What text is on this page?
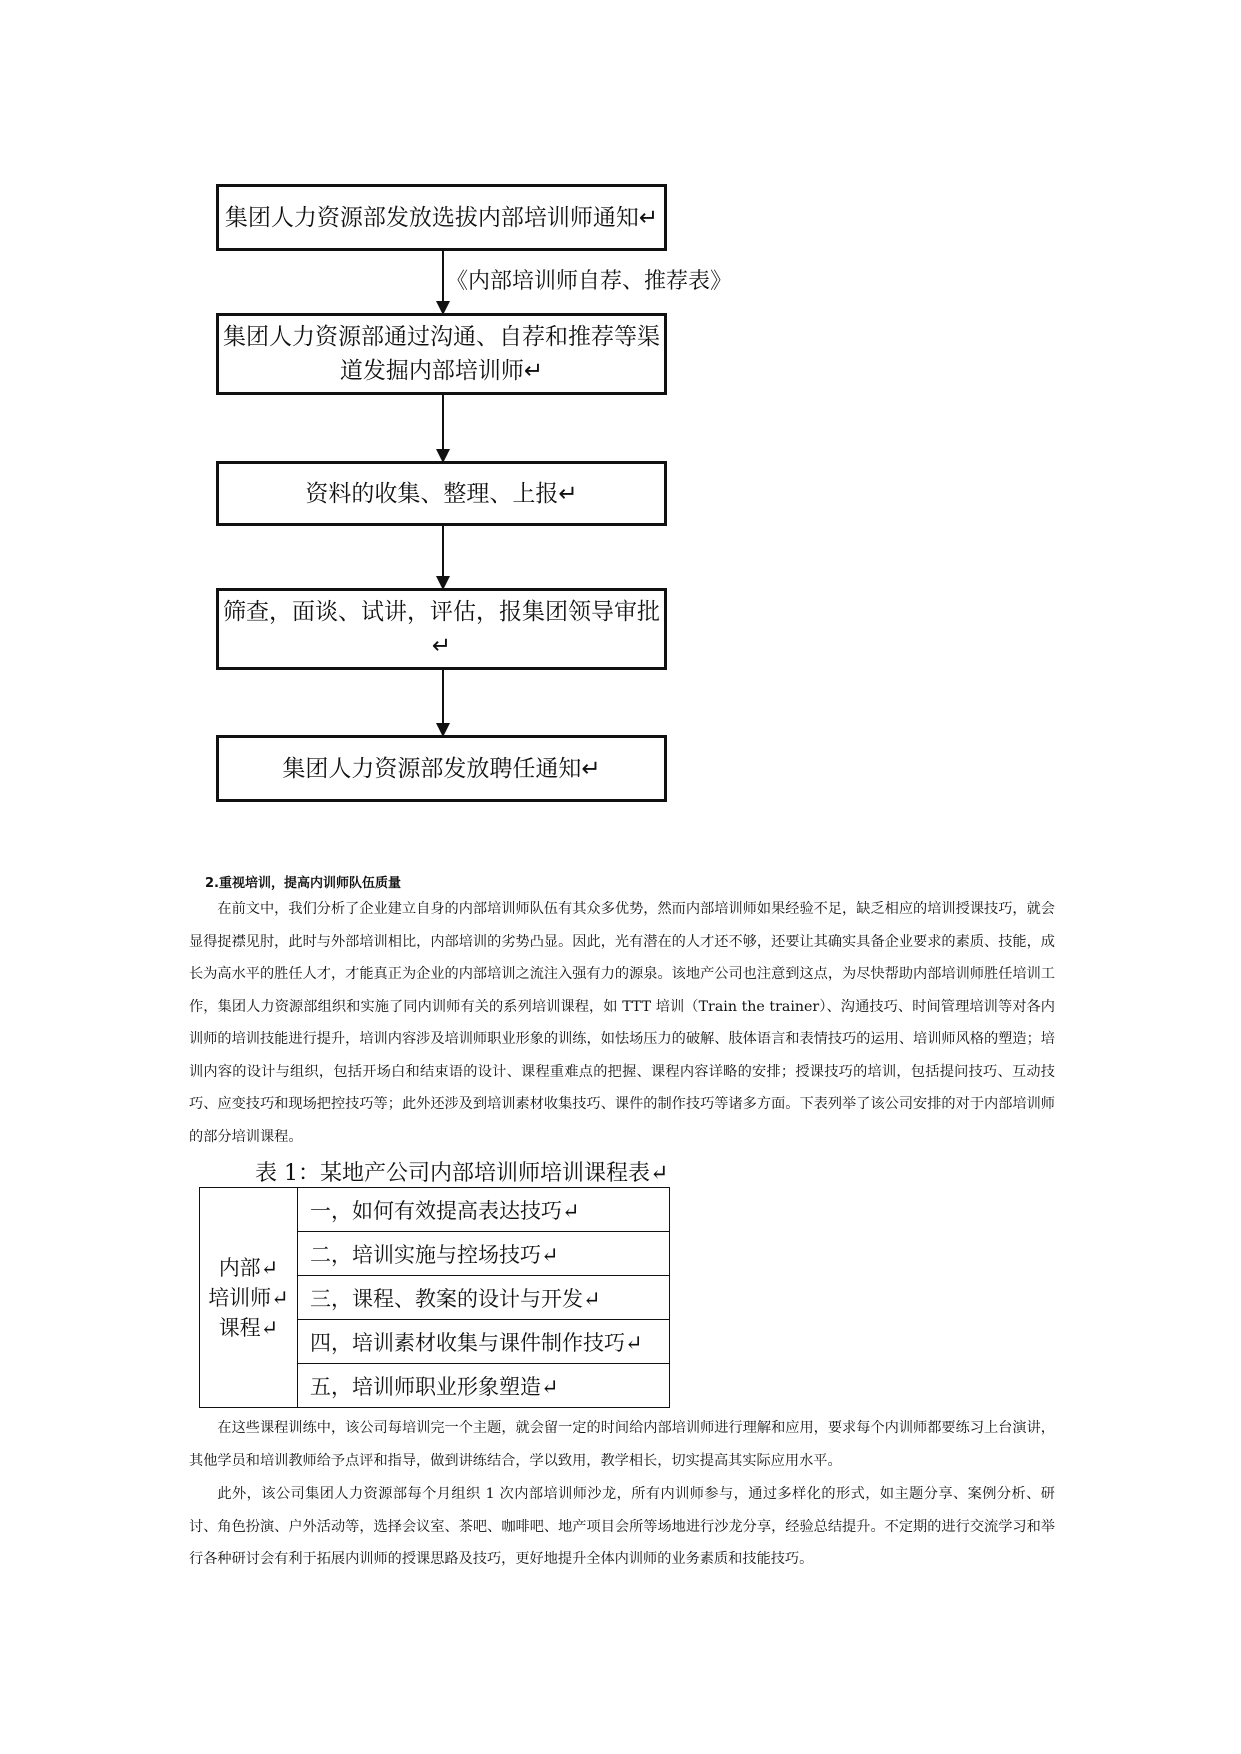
集团人力资源部发放选拔内部培训师通知↵
《内部培训师自荐、推荐表》
集团人力资源部通过沟通、自荐和推荐等渠
道发掘内部培训师↵
资料的收集、整理、上报↵
筛查，面谈、试讲，评估，报集团领导审批↵
集团人力资源部发放聘任通知↵
2.重视培训，提高内训师队伍质量

在前文中，我们分析了企业建立自身的内部培训师队伍有其众多优势，然而内部培训师如果经验不足，缺乏相应的培训授课技巧，就会显得捉襟见肘，此时与外部培训相比，内部培训的劣势凸显。因此，光有潜在的人才还不够，还要让其确实具备企业要求的素质、技能，成长为高水平的胜任人才，才能真正为企业的内部培训之流注入强有力的源泉。该地产公司也注意到这点，为尽快帮助内部培训师胜任培训工作，集团人力资源部组织和实施了同内训师有关的系列培训课程，如 TTT 培训（Train the trainer）、沟通技巧、时间管理培训等对各内训师的培训技能进行提升，培训内容涉及培训师职业形象的训练，如怯场压力的破解、肢体语言和表情技巧的运用、培训师风格的塑造；培训内容的设计与组织，包括开场白和结束语的设计、课程重难点的把握、课程内容详略的安排；授课技巧的培训，包括提问技巧、互动技巧、应变技巧和现场把控技巧等；此外还涉及到培训素材收集技巧、课件的制作技巧等诸多方面。下表列举了该公司安排的对于内部培训师的部分培训课程。

表 1：某地产公司内部培训师培训课程表↵
内部↵
培训师↵
课程↵
	一，如何有效提高表达技巧↵
二，培训实施与控场技巧↵
三，课程、教案的设计与开发↵
四，培训素材收集与课件制作技巧↵
五，培训师职业形象塑造↵

在这些课程训练中，该公司每培训完一个主题，就会留一定的时间给内部培训师进行理解和应用，要求每个内训师都要练习上台演讲，其他学员和培训教师给予点评和指导，做到讲练结合，学以致用，教学相长，切实提高其实际应用水平。

此外，该公司集团人力资源部每个月组织 1 次内部培训师沙龙，所有内训师参与，通过多样化的形式，如主题分享、案例分析、研讨、角色扮演、户外活动等，选择会议室、茶吧、咖啡吧、地产项目会所等场地进行沙龙分享，经验总结提升。不定期的进行交流学习和举行各种研讨会有利于拓展内训师的授课思路及技巧，更好地提升全体内训师的业务素质和技能技巧。
